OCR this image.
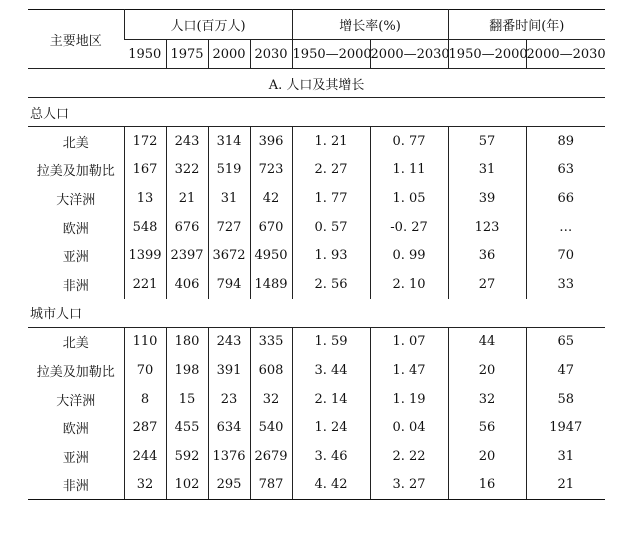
主要地区	人口(百万人)				增长率(%)		翻番时间(年)	
	1950	1975	2000	2030	1950—2000	2000—2030	1950—2000	2000—2030
A. 人口及其增长								
总人口								
北美	172	243	314	396	1. 21	0. 77	57	89
拉美及加勒比	167	322	519	723	2. 27	1. 11	31	63
大洋洲	13	21	31	42	1. 77	1. 05	39	66
欧洲	548	676	727	670	0. 57	-0. 27	123	…
亚洲	1399	2397	3672	4950	1. 93	0. 99	36	70
非洲	221	406	794	1489	2. 56	2. 10	27	33
城市人口								
北美	110	180	243	335	1. 59	1. 07	44	65
拉美及加勒比	70	198	391	608	3. 44	1. 47	20	47
大洋洲	8	15	23	32	2. 14	1. 19	32	58
欧洲	287	455	634	540	1. 24	0. 04	56	1947
亚洲	244	592	1376	2679	3. 46	2. 22	20	31
非洲	32	102	295	787	4. 42	3. 27	16	21
